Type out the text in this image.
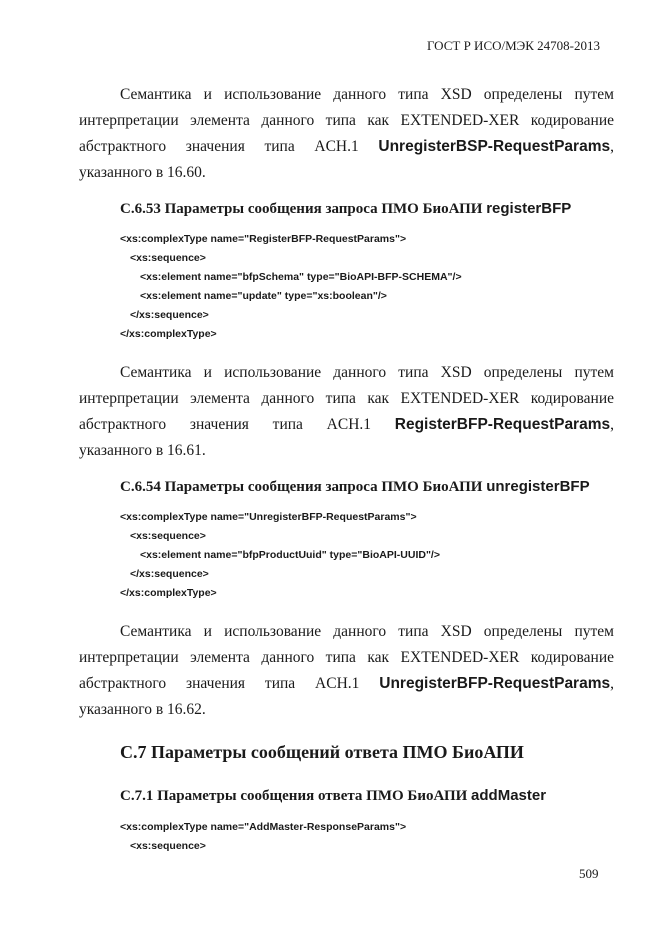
ГОСТ Р ИСО/МЭК 24708-2013
Семантика и использование данного типа XSD определены путем
интерпретации элемента данного типа как EXTENDED-XER кодирование
абстрактного значения типа ACH.1 UnregisterBSP-RequestParams,
указанного в 16.60.
C.6.53 Параметры сообщения запроса ПМО БиоАПИ registerBFP
<xs:complexType name="RegisterBFP-RequestParams">
<xs:sequence>
<xs:element name="bfpSchema" type="BioAPI-BFP-SCHEMA"/>
<xs:element name="update" type="xs:boolean"/>
</xs:sequence>
</xs:complexType>
Семантика и использование данного типа XSD определены путем
интерпретации элемента данного типа как EXTENDED-XER кодирование
абстрактного значения типа ACH.1 RegisterBFP-RequestParams,
указанного в 16.61.
C.6.54 Параметры сообщения запроса ПМО БиоАПИ unregisterBFP
<xs:complexType name="UnregisterBFP-RequestParams">
<xs:sequence>
<xs:element name="bfpProductUuid" type="BioAPI-UUID"/>
</xs:sequence>
</xs:complexType>
Семантика и использование данного типа XSD определены путем
интерпретации элемента данного типа как EXTENDED-XER кодирование
абстрактного значения типа ACH.1 UnregisterBFP-RequestParams,
указанного в 16.62.
C.7 Параметры сообщений ответа ПМО БиоАПИ
C.7.1 Параметры сообщения ответа ПМО БиоАПИ addMaster
<xs:complexType name="AddMaster-ResponseParams">
<xs:sequence>
509
